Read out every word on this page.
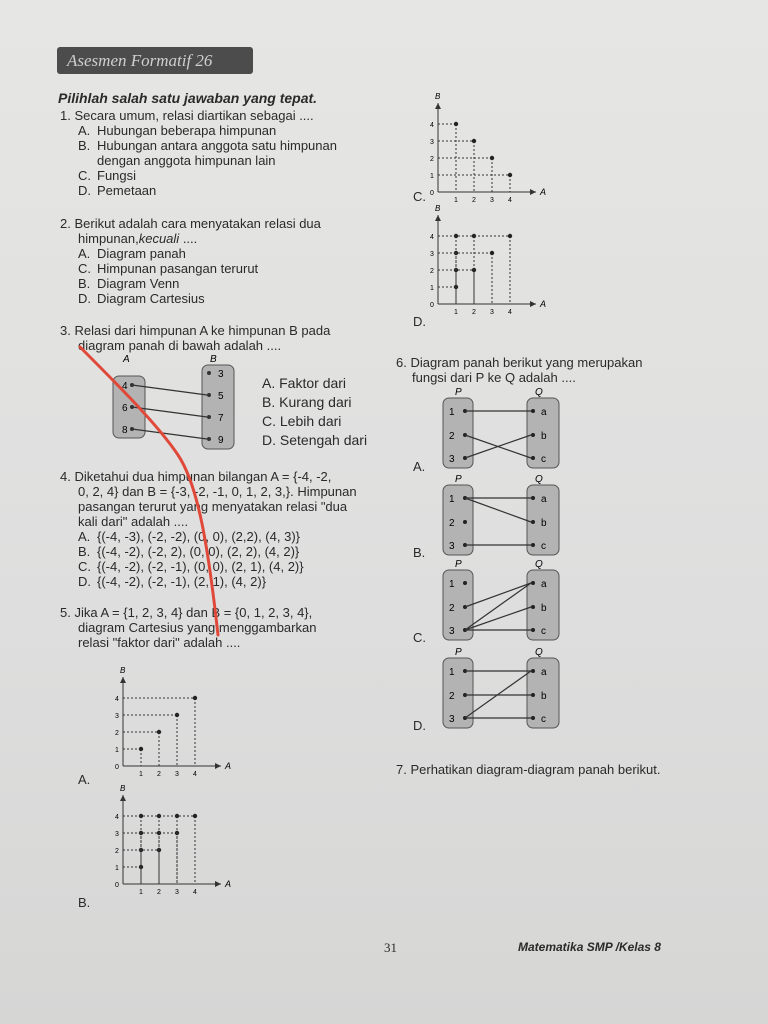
Asesmen Formatif 26
Pilihlah salah satu jawaban yang tepat.

1. Secara umum, relasi diartikan sebagai ....

A. Hubungan beberapa himpunan
B. Hubungan antara anggota satu himpunan
dengan anggota himpunan lain
C. Fungsi
D. Pemetaan

2. Berikut adalah cara menyatakan relasi dua

himpunan,kecuali ....

A. Diagram panah
C. Himpunan pasangan terurut
B. Diagram Venn
D. Diagram Cartesius

3. Relasi dari himpunan A ke himpunan B pada

diagram panah di bawah adalah ....

A	B
4
6
8
3
5
7
9
A. Faktor dari
B. Kurang dari
C. Lebih dari
D. Setengah dari

4. Diketahui dua himpunan bilangan A = {-4, -2,

0, 2, 4} dan B = {-3, -2, -1, 0, 1, 2, 3,}. Himpunan

pasangan terurut yang menyatakan relasi "dua

kali dari" adalah ....

A. {(-4, -3), (-2, -2), (0, 0), (2,2), (4, 3)}
B. {(-4, -2), (-2, 2), (0, 0), (2, 2), (4, 2)}
C. {(-4, -2), (-2, -1), (0, 0), (2, 1), (4, 2)}
D. {(-4, -2), (-2, -1), (2, 1), (4, 2)}

5. Jika A = {1, 2, 3, 4} dan B = {0, 1, 2, 3, 4},

diagram Cartesius yang menggambarkan

relasi "faktor dari" adalah ....

A
B
1 2 3 4
0
1
2
3
4
A.
A
B
1 2 3 4
0
1
2
3
4
B.
A
B
1 2 3 4
0
1
2
3
4
C.
A
B
1 2 3 4
0
1
2
3
4
D.

6. Diagram panah berikut yang merupakan

fungsi dari P ke Q adalah ....

P	Q
1
2
3
a
b
c
A.
P	Q
1
2
3
a
b
c
B.
P	Q
1
2
3
a
b
c
C.
P	Q
1
2
3
a
b
c
D.
7. Perhatikan diagram-diagram panah berikut.
31	Matematika SMP /Kelas 8
